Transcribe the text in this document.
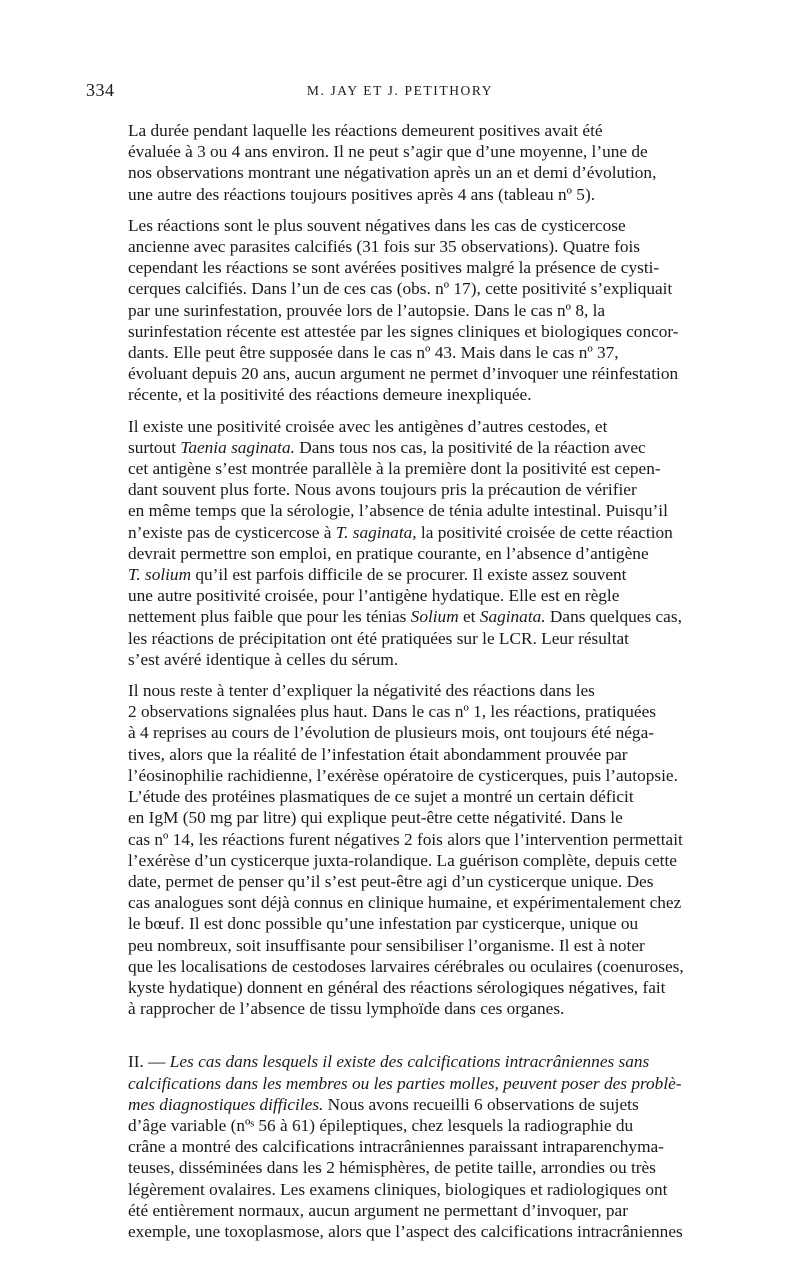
334	M. JAY ET J. PETITHORY

La durée pendant laquelle les réactions demeurent positives avait été
évaluée à 3 ou 4 ans environ. Il ne peut s’agir que d’une moyenne, l’une de
nos observations montrant une négativation après un an et demi d’évolution,
une autre des réactions toujours positives après 4 ans (tableau nº 5).

Les réactions sont le plus souvent négatives dans les cas de cysticercose
ancienne avec parasites calcifiés (31 fois sur 35 observations). Quatre fois
cependant les réactions se sont avérées positives malgré la présence de cysti-
cerques calcifiés. Dans l’un de ces cas (obs. nº 17), cette positivité s’expliquait
par une surinfestation, prouvée lors de l’autopsie. Dans le cas nº 8, la
surinfestation récente est attestée par les signes cliniques et biologiques concor-
dants. Elle peut être supposée dans le cas nº 43. Mais dans le cas nº 37,
évoluant depuis 20 ans, aucun argument ne permet d’invoquer une réinfestation
récente, et la positivité des réactions demeure inexpliquée.

Il existe une positivité croisée avec les antigènes d’autres cestodes, et
surtout Taenia saginata. Dans tous nos cas, la positivité de la réaction avec
cet antigène s’est montrée parallèle à la première dont la positivité est cepen-
dant souvent plus forte. Nous avons toujours pris la précaution de vérifier
en même temps que la sérologie, l’absence de ténia adulte intestinal. Puisqu’il
n’existe pas de cysticercose à T. saginata, la positivité croisée de cette réaction
devrait permettre son emploi, en pratique courante, en l’absence d’antigène
T. solium qu’il est parfois difficile de se procurer. Il existe assez souvent
une autre positivité croisée, pour l’antigène hydatique. Elle est en règle
nettement plus faible que pour les ténias Solium et Saginata. Dans quelques cas,
les réactions de précipitation ont été pratiquées sur le LCR. Leur résultat
s’est avéré identique à celles du sérum.

Il nous reste à tenter d’expliquer la négativité des réactions dans les
2 observations signalées plus haut. Dans le cas nº 1, les réactions, pratiquées
à 4 reprises au cours de l’évolution de plusieurs mois, ont toujours été néga-
tives, alors que la réalité de l’infestation était abondamment prouvée par
l’éosinophilie rachidienne, l’exérèse opératoire de cysticerques, puis l’autopsie.
L’étude des protéines plasmatiques de ce sujet a montré un certain déficit
en IgM (50 mg par litre) qui explique peut-être cette négativité. Dans le
cas nº 14, les réactions furent négatives 2 fois alors que l’intervention permettait
l’exérèse d’un cysticerque juxta-rolandique. La guérison complète, depuis cette
date, permet de penser qu’il s’est peut-être agi d’un cysticerque unique. Des
cas analogues sont déjà connus en clinique humaine, et expérimentalement chez
le bœuf. Il est donc possible qu’une infestation par cysticerque, unique ou
peu nombreux, soit insuffisante pour sensibiliser l’organisme. Il est à noter
que les localisations de cestodoses larvaires cérébrales ou oculaires (coenuroses,
kyste hydatique) donnent en général des réactions sérologiques négatives, fait
à rapprocher de l’absence de tissu lymphoïde dans ces organes.

II. — Les cas dans lesquels il existe des calcifications intracrâniennes sans
calcifications dans les membres ou les parties molles, peuvent poser des problè-
mes diagnostiques difficiles. Nous avons recueilli 6 observations de sujets
d’âge variable (nºˢ 56 à 61) épileptiques, chez lesquels la radiographie du
crâne a montré des calcifications intracrâniennes paraissant intraparenchyma-
teuses, disséminées dans les 2 hémisphères, de petite taille, arrondies ou très
légèrement ovalaires. Les examens cliniques, biologiques et radiologiques ont
été entièrement normaux, aucun argument ne permettant d’invoquer, par
exemple, une toxoplasmose, alors que l’aspect des calcifications intracrâniennes
